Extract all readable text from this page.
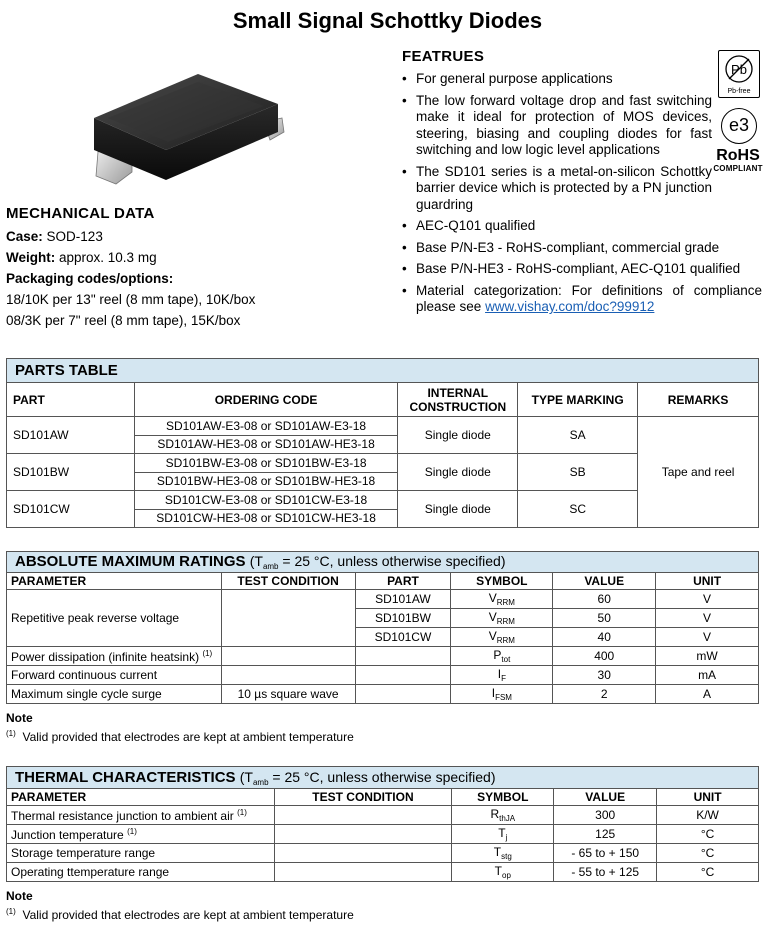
Small Signal Schottky Diodes
MECHANICAL DATA

Case: SOD-123

Weight: approx. 10.3 mg

Packaging codes/options:

18/10K per 13" reel (8 mm tape), 10K/box

08/3K per 7" reel (8 mm tape), 15K/box

FEATRUES
• For general purpose applications
• The low forward voltage drop and fast switching make it ideal for protection of MOS devices, steering, biasing and coupling diodes for fast switching and low logic level applications
• The SD101 series is a metal-on-silicon Schottky barrier device which is protected by a PN junction guardring
• AEC-Q101 qualified
• Base P/N-E3 - RoHS-compliant, commercial grade
• Base P/N-HE3 - RoHS-compliant, AEC-Q101 qualified
• Material categorization: For definitions of compliance please see www.vishay.com/doc?99912
Pb
Pb-free
e3
RoHS
COMPLIANT
PARTS TABLE				
PART	ORDERING CODE	INTERNAL CONSTRUCTION	TYPE MARKING	REMARKS
SD101AW	SD101AW-E3-08 or SD101AW-E3-18	Single diode	SA	Tape and reel
	SD101AW-HE3-08 or SD101AW-HE3-18			
SD101BW	SD101BW-E3-08 or SD101BW-E3-18	Single diode	SB	
	SD101BW-HE3-08 or SD101BW-HE3-18			
SD101CW	SD101CW-E3-08 or SD101CW-E3-18	Single diode	SC	
	SD101CW-HE3-08 or SD101CW-HE3-18			
ABSOLUTE MAXIMUM RATINGS ($T_{amb} = 25$ °C, unless otherwise specified)					
PARAMETER	TEST CONDITION	PART	SYMBOL	VALUE	UNIT
Repetitive peak reverse voltage		SD101AW	$V_{RRM}$	60	V
		SD101BW	$V_{RRM}$	50	V
		SD101CW	$V_{RRM}$	40	V
Power dissipation (infinite heatsink) $^{(1)}$			$P_{tot}$	400	mW
Forward continuous current			$I_F$	30	mA
Maximum single cycle surge	10 µs square wave		$I_{FSM}$	2	A
Note
$^{(1)}$ Valid provided that electrodes are kept at ambient temperature
THERMAL CHARACTERISTICS ($T_{amb} = 25$ °C, unless otherwise specified)				
PARAMETER	TEST CONDITION	SYMBOL	VALUE	UNIT
Thermal resistance junction to ambient air $^{(1)}$		$R_{thJA}$	300	K/W
Junction temperature $^{(1)}$		$T_j$	125	°C
Storage temperature range		$T_{stg}$	- 65 to + 150	°C
Operating ttemperature range		$T_{op}$	- 55 to + 125	°C
Note
$^{(1)}$ Valid provided that electrodes are kept at ambient temperature
